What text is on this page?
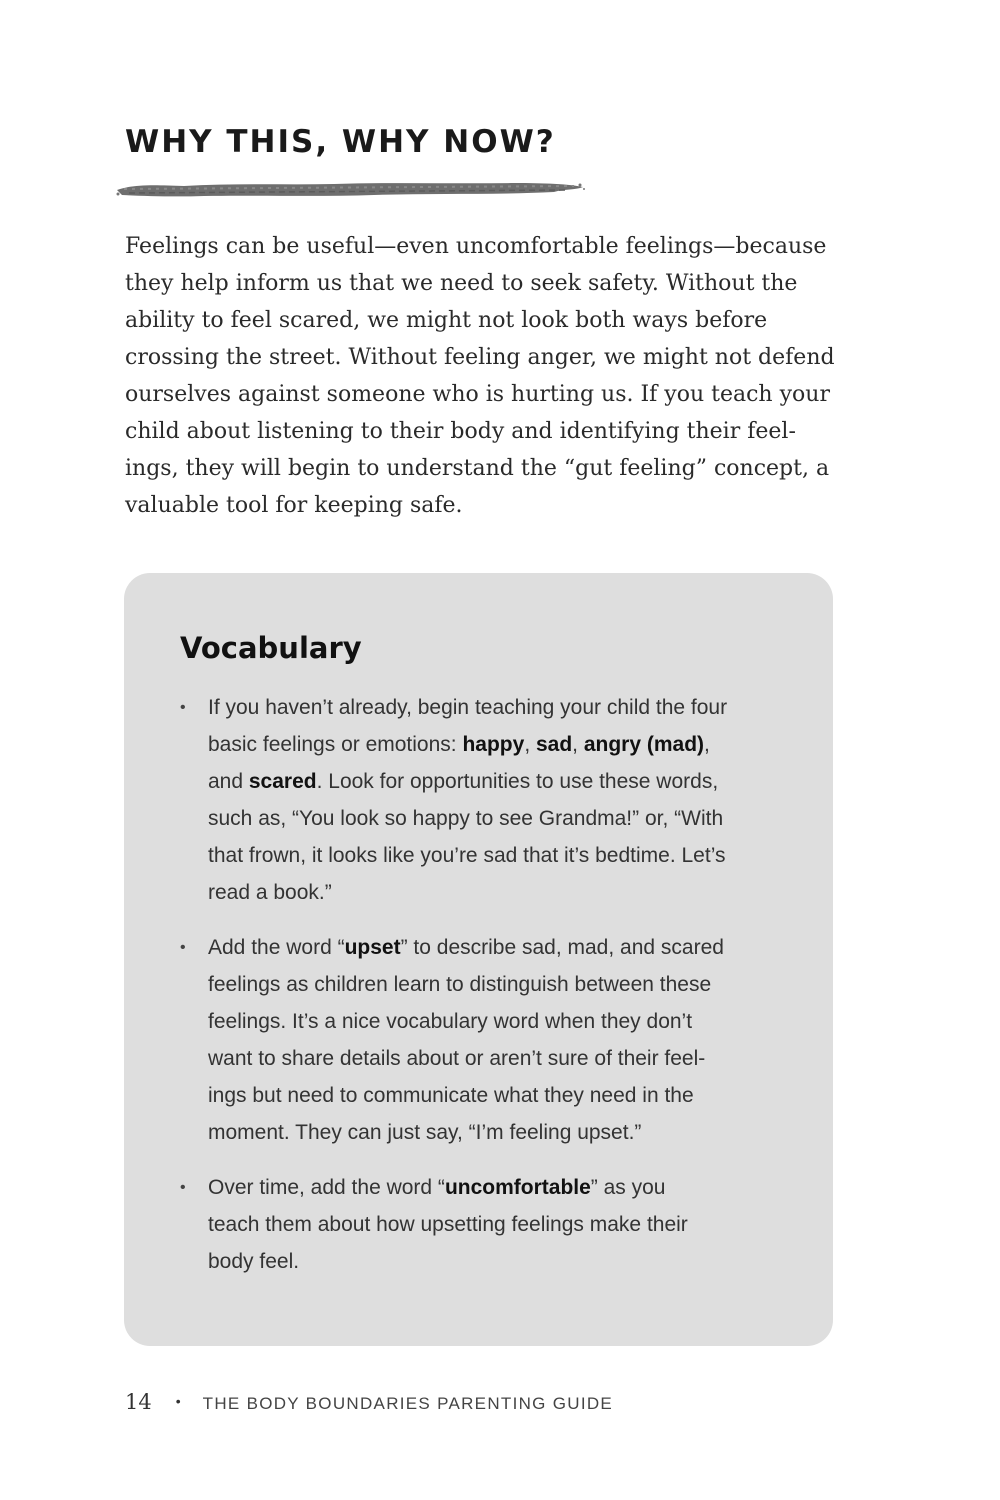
WHY THIS, WHY NOW?

Feelings can be useful—even uncomfortable feelings—because
they help inform us that we need to seek safety. Without the
ability to feel scared, we might not look both ways before
crossing the street. Without feeling anger, we might not defend
ourselves against someone who is hurting us. If you teach your
child about listening to their body and identifying their feel-
ings, they will begin to understand the “gut feeling” concept, a
valuable tool for keeping safe.

Vocabulary
• If you haven’t already, begin teaching your child the four
basic feelings or emotions: happy, sad, angry (mad),
and scared. Look for opportunities to use these words,
such as, “You look so happy to see Grandma!” or, “With
that frown, it looks like you’re sad that it’s bedtime. Let’s
read a book.”
• Add the word “upset” to describe sad, mad, and scared
feelings as children learn to distinguish between these
feelings. It’s a nice vocabulary word when they don’t
want to share details about or aren’t sure of their feel-
ings but need to communicate what they need in the
moment. They can just say, “I’m feeling upset.”
• Over time, add the word “uncomfortable” as you
teach them about how upsetting feelings make their
body feel.
14 • THE BODY BOUNDARIES PARENTING GUIDE
